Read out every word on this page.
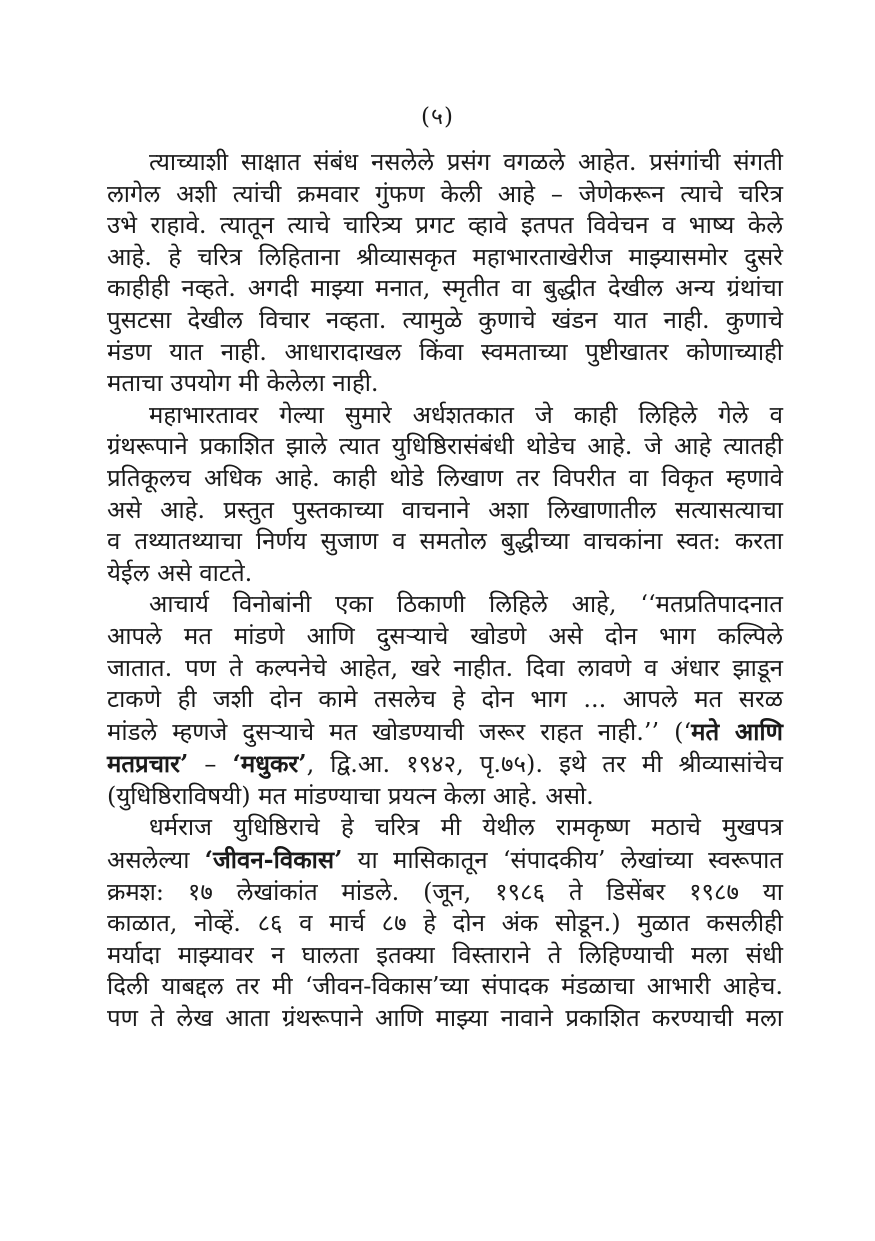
(५)
त्याच्याशी साक्षात संबंध नसलेले प्रसंग वगळले आहेत. प्रसंगांची संगती
लागेल अशी त्यांची क्रमवार गुंफण केली आहे – जेणेकरून त्याचे चरित्र
उभे राहावे. त्यातून त्याचे चारित्र्य प्रगट व्हावे इतपत विवेचन व भाष्य केले
आहे. हे चरित्र लिहिताना श्रीव्यासकृत महाभारताखेरीज माझ्यासमोर दुसरे
काहीही नव्हते. अगदी माझ्या मनात, स्मृतीत वा बुद्धीत देखील अन्य ग्रंथांचा
पुसटसा देखील विचार नव्हता. त्यामुळे कुणाचे खंडन यात नाही. कुणाचे
मंडण यात नाही. आधारादाखल किंवा स्वमताच्या पुष्टीखातर कोणाच्याही
मताचा उपयोग मी केलेला नाही.
महाभारतावर गेल्या सुमारे अर्धशतकात जे काही लिहिले गेले व
ग्रंथरूपाने प्रकाशित झाले त्यात युधिष्ठिरासंबंधी थोडेच आहे. जे आहे त्यातही
प्रतिकूलच अधिक आहे. काही थोडे लिखाण तर विपरीत वा विकृत म्हणावे
असे आहे. प्रस्तुत पुस्तकाच्या वाचनाने अशा लिखाणातील सत्यासत्याचा
व तथ्यातथ्याचा निर्णय सुजाण व समतोल बुद्धीच्या वाचकांना स्वत: करता
येईल असे वाटते.
आचार्य विनोबांनी एका ठिकाणी लिहिले आहे, ‘‘मतप्रतिपादनात
आपले मत मांडणे आणि दुसऱ्याचे खोडणे असे दोन भाग कल्पिले
जातात. पण ते कल्पनेचे आहेत, खरे नाहीत. दिवा लावणे व अंधार झाडून
टाकणे ही जशी दोन कामे तसलेच हे दोन भाग ... आपले मत सरळ
मांडले म्हणजे दुसऱ्याचे मत खोडण्याची जरूर राहत नाही.’’ (‘मते आणि
मतप्रचार’ – ‘मधुकर’, द्वि.आ. १९४२, पृ.७५). इथे तर मी श्रीव्यासांचेच
(युधिष्ठिराविषयी) मत मांडण्याचा प्रयत्न केला आहे. असो.
धर्मराज युधिष्ठिराचे हे चरित्र मी येथील रामकृष्ण मठाचे मुखपत्र
असलेल्या ‘जीवन-विकास’ या मासिकातून ‘संपादकीय’ लेखांच्या स्वरूपात
क्रमश: १७ लेखांकांत मांडले. (जून, १९८६ ते डिसेंबर १९८७ या
काळात, नोव्हें. ८६ व मार्च ८७ हे दोन अंक सोडून.) मुळात कसलीही
मर्यादा माझ्यावर न घालता इतक्या विस्ताराने ते लिहिण्याची मला संधी
दिली याबद्दल तर मी ‘जीवन-विकास’च्या संपादक मंडळाचा आभारी आहेच.
पण ते लेख आता ग्रंथरूपाने आणि माझ्या नावाने प्रकाशित करण्याची मला
